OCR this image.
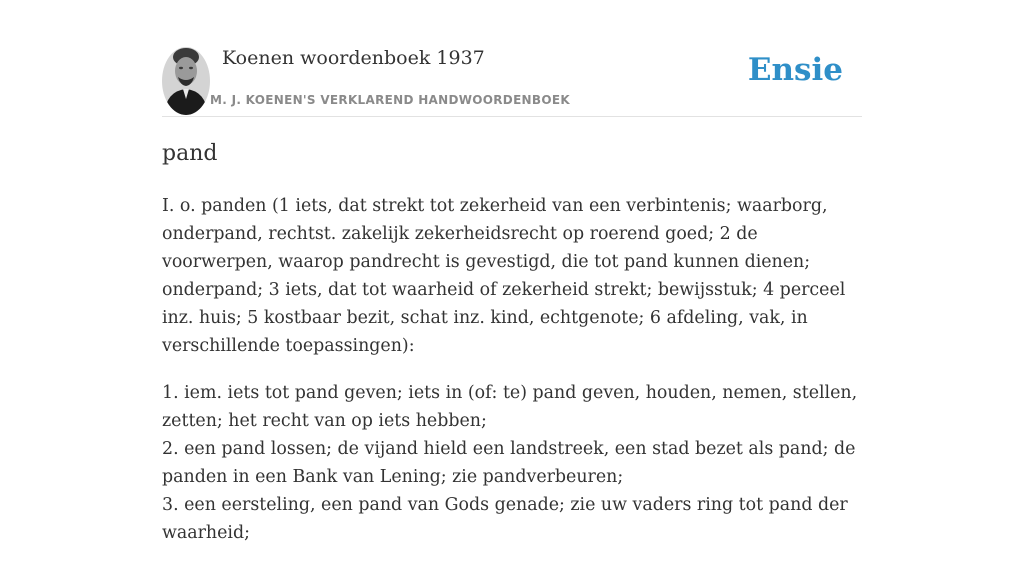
Koenen woordenboek 1937
M. J. KOENEN'S VERKLAREND HANDWOORDENBOEK
Ensie
pand

I. o. panden (1 iets, dat strekt tot zekerheid van een verbintenis; waarborg, onderpand, rechtst. zakelijk zekerheidsrecht op roerend goed; 2 de voorwerpen, waarop pandrecht is gevestigd, die tot pand kunnen dienen; onderpand; 3 iets, dat tot waarheid of zekerheid strekt; bewijsstuk; 4 perceel inz. huis; 5 kostbaar bezit, schat inz. kind, echtgenote; 6 afdeling, vak, in verschillende toepassingen):

1. iem. iets tot pand geven; iets in (of: te) pand geven, houden, nemen, stellen, zetten; het recht van op iets hebben;
2. een pand lossen; de vijand hield een landstreek, een stad bezet als pand; de panden in een Bank van Lening; zie pandverbeuren;
3. een eersteling, een pand van Gods genade; zie uw vaders ring tot pand der waarheid;
